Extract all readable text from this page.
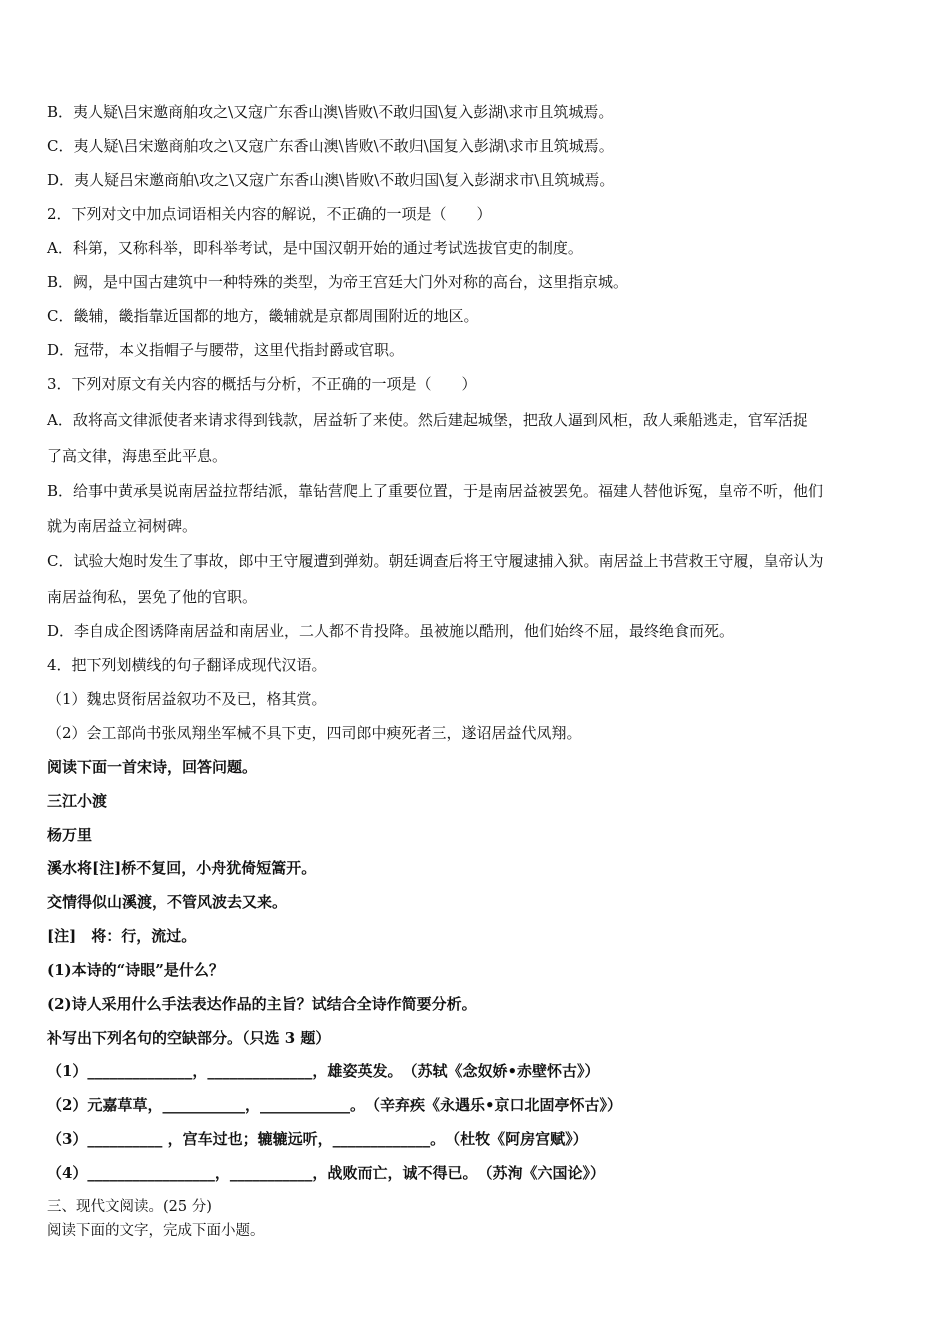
B．夷人疑\吕宋邀商舶攻之\又寇广东香山澳\皆败\不敢归国\复入彭湖\求市且筑城焉。
C．夷人疑\吕宋邀商舶攻之\又寇广东香山澳\皆败\不敢归\国复入彭湖\求市且筑城焉。
D．夷人疑吕宋邀商舶\攻之\又寇广东香山澳\皆败\不敢归国\复入彭湖求市\且筑城焉。
2．下列对文中加点词语相关内容的解说，不正确的一项是（　　）
A．科第，又称科举，即科举考试，是中国汉朝开始的通过考试选拔官吏的制度。
B．阙，是中国古建筑中一种特殊的类型，为帝王宫廷大门外对称的高台，这里指京城。
C．畿辅，畿指靠近国都的地方，畿辅就是京都周围附近的地区。
D．冠带，本义指帽子与腰带，这里代指封爵或官职。
3．下列对原文有关内容的概括与分析，不正确的一项是（　　）
A．敌将高文律派使者来请求得到钱款，居益斩了来使。然后建起城堡，把敌人逼到风柜，敌人乘船逃走，官军活捉
了高文律，海患至此平息。
B．给事中黄承昊说南居益拉帮结派，靠钻营爬上了重要位置，于是南居益被罢免。福建人替他诉冤，皇帝不听，他们
就为南居益立祠树碑。
C．试验大炮时发生了事故，郎中王守履遭到弹劾。朝廷调查后将王守履逮捕入狱。南居益上书营救王守履，皇帝认为
南居益徇私，罢免了他的官职。
D．李自成企图诱降南居益和南居业，二人都不肯投降。虽被施以酷刑，他们始终不屈，最终绝食而死。
4．把下列划横线的句子翻译成现代汉语。
（1）魏忠贤衔居益叙功不及已，格其赏。
（2）会工部尚书张凤翔坐军械不具下吏，四司郎中瘐死者三，遂诏居益代凤翔。
阅读下面一首宋诗，回答问题。
三江小渡
杨万里
溪水将[注]桥不复回，小舟犹倚短篙开。
交情得似山溪渡，不管风波去又来。
[注]　将：行，流过。
(1)本诗的“诗眼”是什么？
(2)诗人采用什么手法表达作品的主旨？试结合全诗作简要分析。
补写出下列名句的空缺部分。（只选 3 题）
（1）______________，______________，雄姿英发。　（苏轼《念奴娇•赤壁怀古》）
（2）元嘉草草，___________，____________。　（辛弃疾《永遇乐•京口北固亭怀古》）
（3）__________ ，宫车过也；辘辘远听，_____________。　（杜牧《阿房宫赋》）
（4）_________________，___________，战败而亡，诚不得已。　（苏洵《六国论》）
三、现代文阅读。(25 分)
阅读下面的文字，完成下面小题。
